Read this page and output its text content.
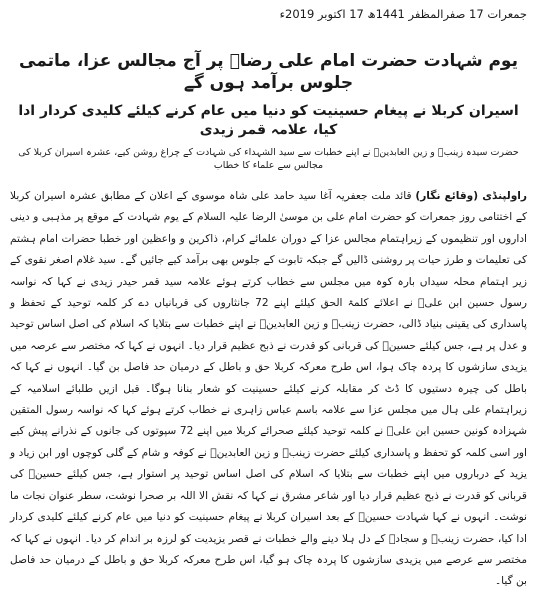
جمعرات 17 صفرالمظفر 1441ھ 17 اکتوبر 2019ء
یوم شہادت حضرت امام علی رضاؑ پر آج مجالس عزا، ماتمی جلوس برآمد ہوں گے
اسیران کربلا نے پیغام حسینیت کو دنیا میں عام کرنے کیلئے کلیدی کردار ادا کیا، علامہ قمر زیدی
حضرت سیدہ زینبؑ و زین العابدینؑ نے اپنے خطبات سے سید الشہداء کی شہادت کے چراغ روشن کیے، عشرہ اسیران کربلا کی مجالس سے علماء کا خطاب

راولپنڈی (وقائع نگار) قائد ملت جعفریہ آغا سید حامد علی شاہ موسوی کے اعلان کے مطابق عشرہ اسیران کربلا کے اختتامی روز جمعرات کو حضرت امام علی بن موسیٰ الرضا علیہ السلام کے یوم شہادت کے موقع پر مذہبی و دینی اداروں اور تنظیموں کے زیراہتمام مجالس عزا کے دوران علمائے کرام، ذاکرین و واعظین اور خطبا حضرات امام ہشتم کی تعلیمات و طرز حیات پر روشنی ڈالیں گے جبکہ تابوت کے جلوس بھی برآمد کیے جائیں گے۔ سید غلام اصغر نقوی کے زیر اہتمام محلہ سیداں بارہ کوہ میں مجلس سے خطاب کرتے ہوئے علامہ سید قمر حیدر زیدی نے کہا کہ نواسہ رسول حسین ابن علیؑ نے اعلائے کلمۃ الحق کیلئے اپنے 72 جانثاروں کی قربانیاں دے کر کلمہ توحید کے تحفظ و پاسداری کی یقینی بنیاد ڈالی، حضرت زینبؑ و زین العابدینؑ نے اپنے خطبات سے بتلایا کہ اسلام کی اصل اساس توحید و عدل پر ہے، جس کیلئے حسینؑ کی قربانی کو قدرت نے ذبح عظیم قرار دیا۔ انہوں نے کہا کہ مختصر سے عرصہ میں یزیدی سازشوں کا پردہ چاک ہوا، اس طرح معرکہ کربلا حق و باطل کے درمیان حد فاصل بن گیا۔ انہوں نے کہا کہ باطل کی چیرہ دستیوں کا ڈٹ کر مقابلہ کرنے کیلئے حسینیت کو شعار بنانا ہوگا۔ قبل ازیں طلبائے اسلامیہ کے زیراہتمام علی ہال میں مجلس عزا سے علامہ باسم عباس زاہری نے خطاب کرتے ہوئے کہا کہ نواسہ رسول المتقین شہزادہ کونین حسین ابن علیؑ نے کلمہ توحید کیلئے صحرائے کربلا میں اپنے 72 سپوتوں کی جانوں کے نذرانے پیش کیے اور اسی کلمہ کو تحفظ و پاسداری کیلئے حضرت زینبؑ و زین العابدینؑ نے کوفہ و شام کے گلی کوچوں اور ابن زیاد و یزید کے درباروں میں اپنے خطبات سے بتلایا کہ اسلام کی اصل اساس توحید پر استوار ہے، جس کیلئے حسینؑ کی قربانی کو قدرت نے ذبح عظیم قرار دیا اور شاعر مشرق نے کہا کہ نقش الا اللہ بر صحرا نوشت، سطر عنوان نجات ما نوشت۔ انہوں نے کہا شہادت حسینؑ کے بعد اسیران کربلا نے پیغام حسینیت کو دنیا میں عام کرنے کیلئے کلیدی کردار ادا کیا، حضرت زینبؑ و سجادؑ کے دل ہلا دینے والے خطبات نے قصر یزیدیت کو لرزہ بر اندام کر دیا۔ انہوں نے کہا کہ مختصر سے عرصے میں یزیدی سازشوں کا پردہ چاک ہو گیا، اس طرح معرکہ کربلا حق و باطل کے درمیان حد فاصل بن گیا۔
